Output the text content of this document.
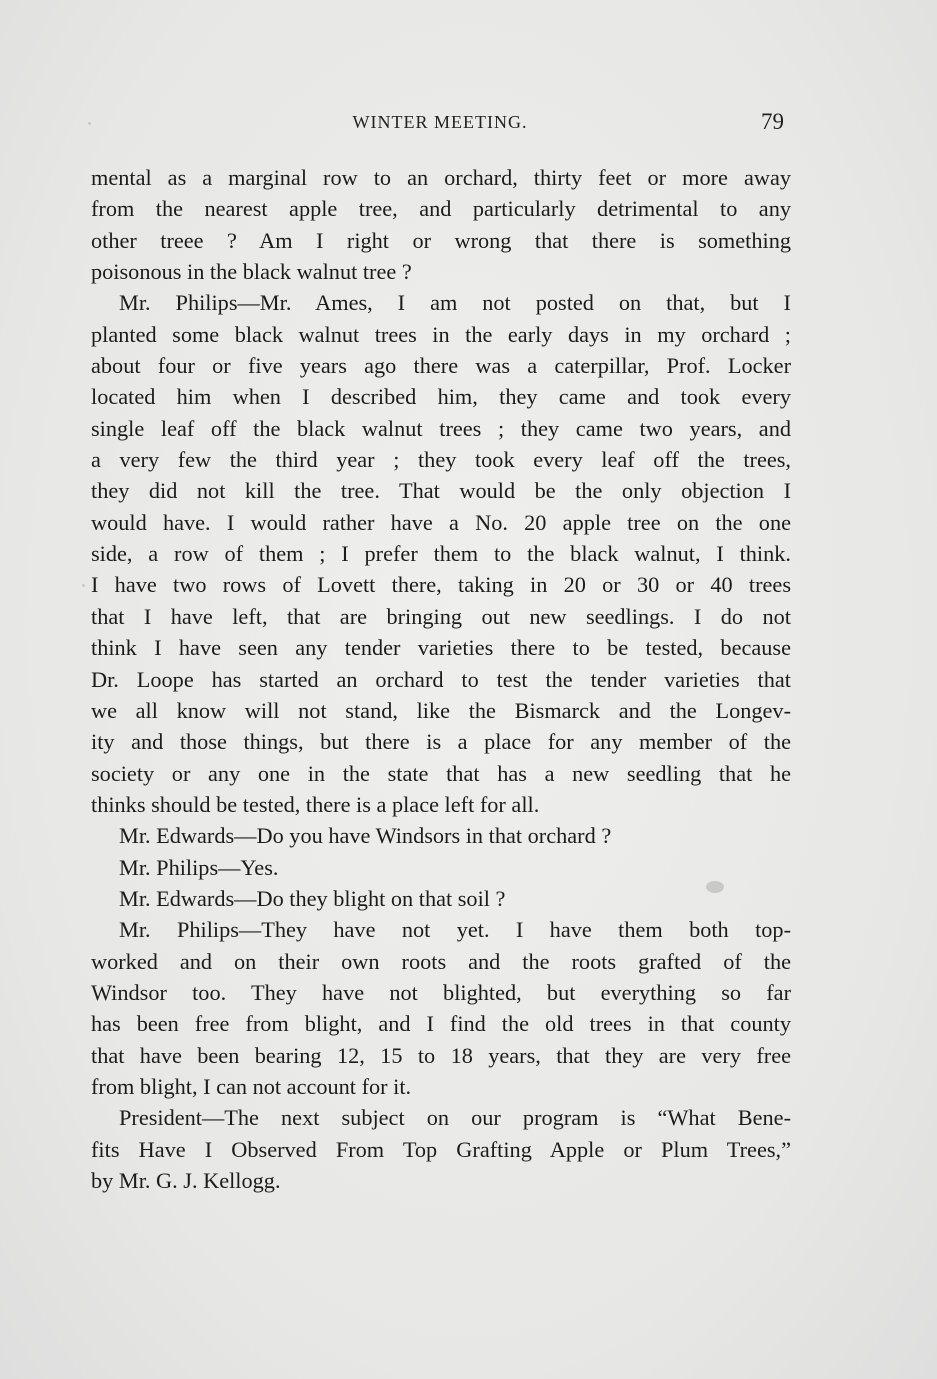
WINTER MEETING.	79
mental as a marginal row to an orchard, thirty feet or more away
from the nearest apple tree, and particularly detrimental to any
other treee ? Am I right or wrong that there is something
poisonous in the black walnut tree ?
Mr. Philips—Mr. Ames, I am not posted on that, but I
planted some black walnut trees in the early days in my orchard ;
about four or five years ago there was a caterpillar, Prof. Locker
located him when I described him, they came and took every
single leaf off the black walnut trees ; they came two years, and
a very few the third year ; they took every leaf off the trees,
they did not kill the tree. That would be the only objection I
would have. I would rather have a No. 20 apple tree on the one
side, a row of them ; I prefer them to the black walnut, I think.
I have two rows of Lovett there, taking in 20 or 30 or 40 trees
that I have left, that are bringing out new seedlings. I do not
think I have seen any tender varieties there to be tested, because
Dr. Loope has started an orchard to test the tender varieties that
we all know will not stand, like the Bismarck and the Longev-
ity and those things, but there is a place for any member of the
society or any one in the state that has a new seedling that he
thinks should be tested, there is a place left for all.
Mr. Edwards—Do you have Windsors in that orchard ?
Mr. Philips—Yes.
Mr. Edwards—Do they blight on that soil ?
Mr. Philips—They have not yet. I have them both top-
worked and on their own roots and the roots grafted of the
Windsor too. They have not blighted, but everything so far
has been free from blight, and I find the old trees in that county
that have been bearing 12, 15 to 18 years, that they are very free
from blight, I can not account for it.
President—The next subject on our program is “What Bene-
fits Have I Observed From Top Grafting Apple or Plum Trees,”
by Mr. G. J. Kellogg.
